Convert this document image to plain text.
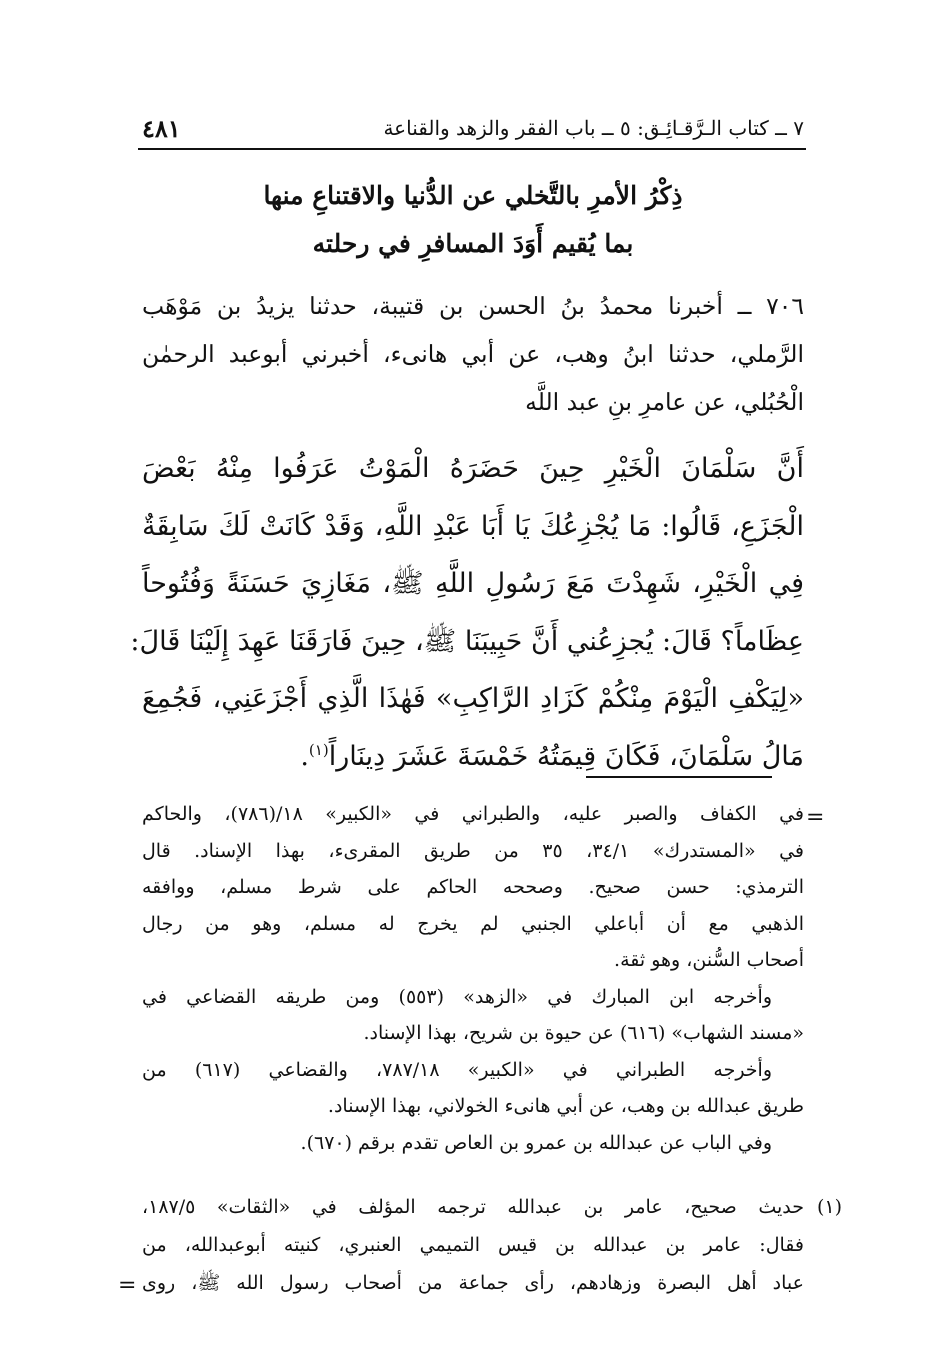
٧ ــ كتاب الـرَّقـائِـق: ٥ ــ باب الفقر والزهد والقناعة
٤٨١
ذِكْرُ الأمرِ بالتَّخلي عن الدُّنيا والاقتناعِ منها
بما يُقيم أَوَدَ المسافرِ في رحلته
٧٠٦ ــ أخبرنا محمدُ بنُ الحسن بن قتيبة، حدثنا يزيدُ بن مَوْهَب
الرَّملي، حدثنا ابنُ وهب، عن أبي هانىء، أخبرني أبوعبد الرحمٰن
الْحُبُلي، عن عامرِ بنِ عبد اللَّه
أَنَّ سَلْمَانَ الْخَيْرِ حِينَ حَضَرَهُ الْمَوْتُ عَرَفُوا مِنْهُ بَعْضَ
الْجَزَعِ، قَالُوا: مَا يُجْزِعُكَ يَا أَبَا عَبْدِ اللَّهِ، وَقَدْ كَانَتْ لَكَ سَابِقَةٌ
فِي الْخَيْرِ، شَهِدْتَ مَعَ رَسُولِ اللَّهِ ﷺ، مَغَازِيَ حَسَنَةً وَفُتُوحاً
عِظَاماً؟ قَالَ: يُجزِعُني أَنَّ حَبِيبَنَا ﷺ، حِينَ فَارَقَنَا عَهِدَ إِلَيْنَا قَالَ:
«لِيَكْفِ الْيَوْمَ مِنْكُمْ كَزَادِ الرَّاكِبِ» فَهٰذَا الَّذِي أَجْزَعَنِي، فَجُمِعَ
مَالُ سَلْمَانَ، فَكَانَ قِيمَتُهُ خَمْسَةَ عَشَرَ دِينَاراً$^{(١)}$.
=
في الكفاف والصبر عليه، والطبراني في «الكبير» ١٨/(٧٨٦)، والحاكم
في «المستدرك» ٣٤/١، ٣٥ من طريق المقرىء، بهذا الإسناد. قال
الترمذي: حسن صحيح. وصححه الحاكم على شرط مسلم، ووافقه
الذهبي مع أن أباعلي الجنبي لم يخرج له مسلم، وهو من رجال
أصحاب السُّنن، وهو ثقة.
وأخرجه ابن المبارك في «الزهد» (٥٥٣) ومن طريقه القضاعي في
«مسند الشهاب» (٦١٦) عن حيوة بن شريح، بهذا الإسناد.
وأخرجه الطبراني في «الكبير» ٧٨٧/١٨، والقضاعي (٦١٧) من
طريق عبدالله بن وهب، عن أبي هانىء الخولاني، بهذا الإسناد.
وفي الباب عن عبدالله بن عمرو بن العاص تقدم برقم (٦٧٠).
(١)
حديث صحيح، عامر بن عبدالله ترجمه المؤلف في «الثقات» ١٨٧/٥،
فقال: عامر بن عبدالله بن قيس التميمي العنبري، كنيته أبوعبدالله، من
عباد أهل البصرة وزهادهم، رأى جماعة من أصحاب رسول الله ﷺ، روى
=
